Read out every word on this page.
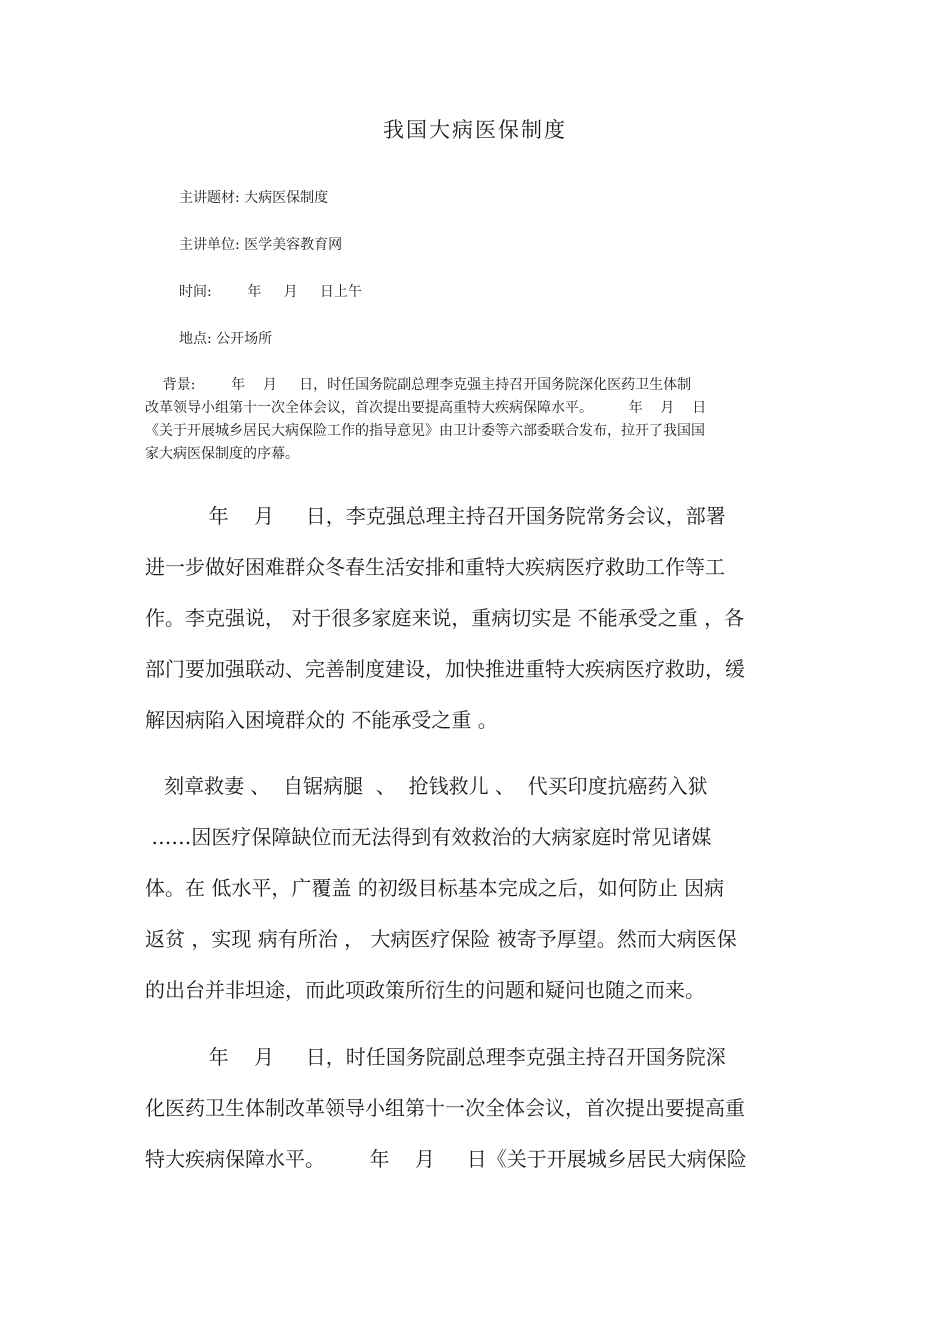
我国大病医保制度
主讲题材: 大病医保制度
主讲单位: 医学美容教育网
时间:        年     月     日上午
地点: 公开场所
背景:        年    月     日，时任国务院副总理李克强主持召开国务院深化医药卫生体制
改革领导小组第十一次全体会议，首次提出要提高重特大疾病保障水平。        年    月    日
《关于开展城乡居民大病保险工作的指导意见》由卫计委等六部委联合发布，拉开了我国国
家大病医保制度的序幕。
年    月     日，李克强总理主持召开国务院常务会议，部署
进一步做好困难群众冬春生活安排和重特大疾病医疗救助工作等工
作。李克强说， 对于很多家庭来说，重病切实是 不能承受之重 ，各
部门要加强联动、完善制度建设，加快推进重特大疾病医疗救助，缓
解因病陷入困境群众的 不能承受之重 。
刻章救妻 、  自锯病腿  、  抢钱救儿 、  代买印度抗癌药入狱
……因医疗保障缺位而无法得到有效救治的大病家庭时常见诸媒
体。在 低水平，广覆盖 的初级目标基本完成之后，如何防止 因病
返贫 ，实现 病有所治 ， 大病医疗保险 被寄予厚望。然而大病医保
的出台并非坦途，而此项政策所衍生的问题和疑问也随之而来。
年    月     日，时任国务院副总理李克强主持召开国务院深
化医药卫生体制改革领导小组第十一次全体会议，首次提出要提高重
特大疾病保障水平。       年    月     日《关于开展城乡居民大病保险
